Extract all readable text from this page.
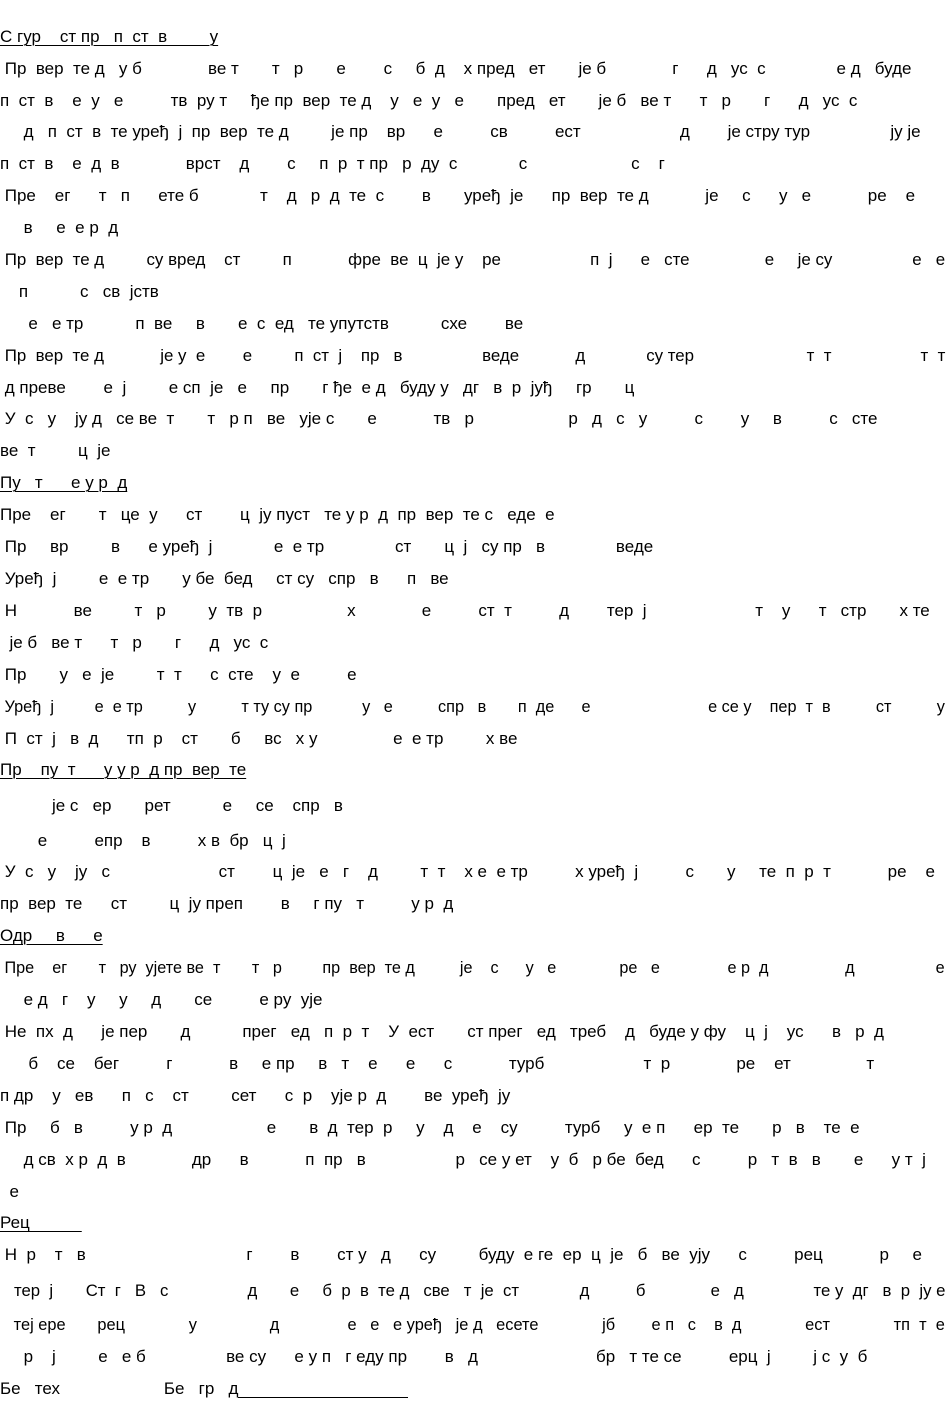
С гур    ст пр   п  ст  в         у
Пр  вер  те д   у б              ве т       т   р       е        с     б  д    х пред   ет       је б              г      д   ус  с               е д   буде
п  ст  в    е  у   е          тв  ру т     ђе пр  вер  те д    у   е  у   е       пред   ет       је б   ве т      т   р       г      д   ус  с
д   п  ст  в  те уређ  ј  пр  вер  те д         је пр    вр      е          св          ест                     д        је стру тур                 ју је
п  ст  в    е  д  в              врст    д        с     п  р  т пр   р  ду  с             с                      с    г
Пре    ег      т   п      ете б             т    д   р  д  те  с        в       уређ  је      пр  вер  те д            је     с      у   е            ре    е
в     е  е р  д
Пр  вер  те д         су вред    ст         п            фре  ве  ц  је у    ре                   п  ј      е   сте                е     је су                 е   е
п           с   св  јств
е   е тр           п  ве     в       е  с  ед   те упутств           схе        ве
Пр  вер  те д            је у  е        е         п  ст  ј    пр   в                 веде            д             су тер                        т  т                   т  т
д преве        е  ј         е сп  је   е     пр       г ђе  е д   буду у   дг   в  р  јуђ     гр       ц
У  с   у    ју д   се ве  т       т   р п   ве   ује с       е            тв   р                    р   д   с   у          с        у     в          с   сте
ве  т         ц  је
Пу   т      е у р  д
Пре    ег       т   це  у      ст        ц  ју пуст   те у р  д  пр  вер  те с   еде  е
Пр     вр         в      е уређ  ј             е  е тр               ст       ц  ј   су пр   в               веде
Уређ  ј         е  е тр       у бе  бед     ст су   спр   в      п   ве
Н            ве         т   р         у  тв  р                  х              е          ст  т          д        тер  ј                       т    у      т   стр       х те
је б   ве т      т   р       г      д   ус  с
Пр       у   е  је         т  т      с  сте    у  е          е
Уређ  ј         е  е тр          у          т ту су пр           у   е          спр   в       п  де      е                          е се у    пер  т  в          ст          у
П  ст  ј   в  д      тп  р    ст       б     вс   х у                е  е тр         х ве
Пр    пу  т      у у р  д пр  вер  те
је с   ер       рет           е     се    спр   в
е          епр    в          х в  бр   ц  ј
У  с   у    ју   с                       ст        ц  је   е   г    д         т  т    х е  е тр          х уређ  ј          с       у     те  п  р  т            ре    е
пр  вер  те      ст         ц  ју преп        в     г пу   т          у р  д
Одр     в      е
Пре    ег       т   ру  ујете ве  т       т   р         пр  вер  те д          је    с      у   е              ре   е               е р  д                 д                  е
е д   г    у     у     д       се          е ру  ује
Не  пх  д      је пер       д           прег   ед   п  р  т    У  ест       ст прег   ед   треб    д   буде у фу    ц  ј    ус      в   р  д
б    се    бег          г            в     е пр     в   т    е      е      с            турб                     т  р              ре    ет                т
п др    у   ев      п   с    ст         сет      с  р    ује р  д        ве  уређ  ју
Пр     б   в          у р  д                    е       в  д  тер  р     у    д    е    су          турб     у  е п      ер  те       р   в    те  е
д св  х р  д  в              др      в            п  пр   в                   р   се у ет    у  б   р бе  бед      с          р   т  в   в       е      у т  ј
е
Рец
Н  р    т   в                                  г        в        ст у   д      су         буду  е ге  ер  ц  је   б   ве  ују      с          рец            р     е
тер  ј       Ст  г   В   с                 д       е     б  р  в  те д   све   т  је  ст             д          б              е   д               те у  дг   в  р  ју е
теј ере       рец              у                д               е   е   е уређ   је д   есете              јб        е п   с    в  д              ест              тп  т  е
р    ј         е   е б                 ве су      е у п   г еду пр        в   д                         бр   т те се          ерц  ј         ј с  у  б
Бе   тех                      Бе   гр   д
